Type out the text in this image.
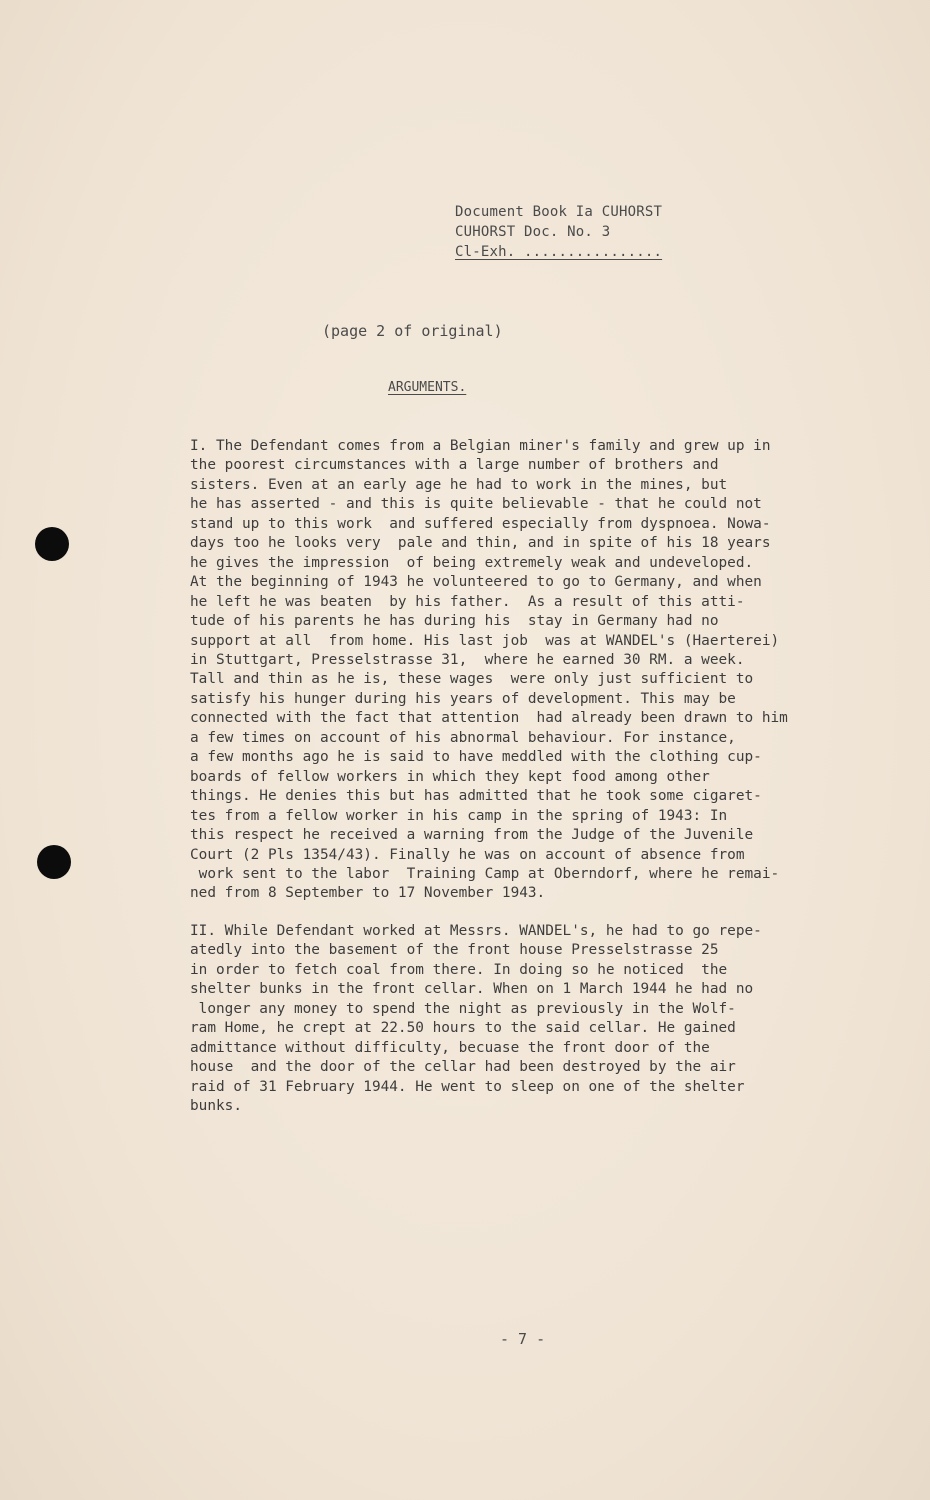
Document Book Ia CUHORST
CUHORST Doc. No. 3
Cl-Exh. ................
(page 2 of original)
ARGUMENTS.
I. The Defendant comes from a Belgian miner's family and grew up in
the poorest circumstances with a large number of brothers and
sisters. Even at an early age he had to work in the mines, but
he has asserted - and this is quite believable - that he could not
stand up to this work  and suffered especially from dyspnoea. Nowa-
days too he looks very  pale and thin, and in spite of his 18 years
he gives the impression  of being extremely weak and undeveloped.
At the beginning of 1943 he volunteered to go to Germany, and when
he left he was beaten  by his father.  As a result of this atti-
tude of his parents he has during his  stay in Germany had no
support at all  from home. His last job  was at WANDEL's (Haerterei)
in Stuttgart, Presselstrasse 31,  where he earned 30 RM. a week.
Tall and thin as he is, these wages  were only just sufficient to
satisfy his hunger during his years of development. This may be
connected with the fact that attention  had already been drawn to him
a few times on account of his abnormal behaviour. For instance,
a few months ago he is said to have meddled with the clothing cup-
boards of fellow workers in which they kept food among other
things. He denies this but has admitted that he took some cigaret-
tes from a fellow worker in his camp in the spring of 1943: In
this respect he received a warning from the Judge of the Juvenile
Court (2 Pls 1354/43). Finally he was on account of absence from
work sent to the labor  Training Camp at Oberndorf, where he remai-
ned from 8 September to 17 November 1943.
II. While Defendant worked at Messrs. WANDEL's, he had to go repe-
atedly into the basement of the front house Presselstrasse 25
in order to fetch coal from there. In doing so he noticed  the
shelter bunks in the front cellar. When on 1 March 1944 he had no
longer any money to spend the night as previously in the Wolf-
ram Home, he crept at 22.50 hours to the said cellar. He gained
admittance without difficulty, becuase the front door of the
house  and the door of the cellar had been destroyed by the air
raid of 31 February 1944. He went to sleep on one of the shelter
bunks.
- 7 -
